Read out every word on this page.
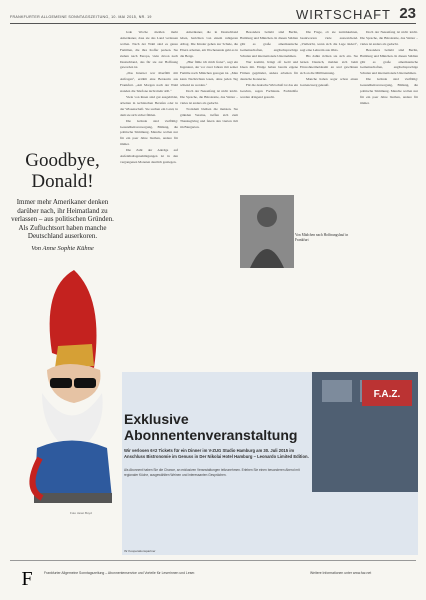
FRANKFURTER ALLGEMEINE SONNTAGSZEITUNG, 10. MAI 2015, NR. 19	WIRTSCHAFT 23
Goodbye, Donald!
Immer mehr Amerikaner denken darüber nach, ihr Heimatland zu verlassen – aus politischen Gründen. Als Zufluchtsort haben manche Deutschland auserkoren.
Von Anne Sophie Kühne
Foto Janet Boyd

Jede Woche melden mehr Amerikaner, dass sie das Land verlassen wollen. Nach der Wahl sind es ganze Familien, die ihre Koffer packen. Sie ziehen nach Europa, viele davon nach Deutschland, das für sie zur Hoffnung geworden ist.

„Das Internet war überfüllt mit Anfragen“, erzählt eine Beraterin aus Frankfurt. „Am Morgen nach der Wahl standen die Telefone nicht mehr still.“

Viele von ihnen sind gut ausgebildet, arbeiten in technischen Berufen oder in der Wissenschaft. Sie suchen ein Land, in dem sie sich sicher fühlen.

Die Gründe sind vielfältig: Gesundheitsversorgung, Bildung, die politische Stimmung. Manche wollen nur für ein paar Jahre bleiben, andere für immer.

Die Zahl der Anträge auf Aufenthaltsgenehmigungen ist in den vergangenen Monaten deutlich gestiegen.

Amerikaner, die in Deutschland leben, berichten von einem ruhigeren Alltag. Die Kinder gehen zur Schule, die Eltern arbeiten, am Wochenende geht es in die Berge.

„Hier fühle ich mich freier“, sagt ein Ingenieur, der vor zwei Jahren mit seiner Familie nach München gezogen ist. „Man kann Nachrichten lesen, ohne jeden Tag wütend zu werden.“

Doch der Neuanfang ist nicht leicht. Die Sprache, die Bürokratie, das Wetter – vieles ist anders als gedacht.

Trotzdem bleiben die meisten. Sie gründen Vereine, treffen sich zum Thanksgiving und feiern den vierten Juli im Biergarten.

Besonders beliebt sind Berlin, Hamburg und München. In diesen Städten gibt es große amerikanische Gemeinschaften, englischsprachige Schulen und internationale Unternehmen.

Wer kommt, bringt oft Geld und Ideen mit. Einige haben bereits eigene Firmen gegründet, andere arbeiten für deutsche Konzerne.

Für die deutsche Wirtschaft ist das ein Gewinn, sagen Fachleute. Fachkräfte werden dringend gesucht.

Die Frage, ob sie zurückkehren, beantworten viele ausweichend. „Vielleicht, wenn sich die Lage ändert“, sagt eine Lehrerin aus Ohio.

Bis dahin richten sie sich ein. Sie lernen Deutsch, melden sich beim Einwohnermeldeamt an und gewöhnen sich an die Mülltrennung.

Manche haben sogar schon einen Gartenzwerg gekauft.

Doch der Neuanfang ist nicht leicht. Die Sprache, die Bürokratie, das Wetter – vieles ist anders als gedacht.

Besonders beliebt sind Berlin, Hamburg und München. In diesen Städten gibt es große amerikanische Gemeinschaften, englischsprachige Schulen und internationale Unternehmen.

Die Gründe sind vielfältig: Gesundheitsversorgung, Bildung, die politische Stimmung. Manche wollen nur für ein paar Jahre bleiben, andere für immer.

Von Mädchen nach Hoffnungslauf in Frankfurt
F.A.Z.
Exklusive Abonnentenveranstaltung
Wir verlosen 6×2 Tickets für ein Dinner im V-ZUG Studio Hamburg am 30. Juli 2015 im Anschluss Bistronomie im Genuss in Der Nikolai Hotel Hamburg – Leonardo Limited Edition.
Als Abonnent haben Sie die Chance, an exklusiven Veranstaltungen teilzunehmen. Erleben Sie einen besonderen Abend mit regionaler Küche, ausgewählten Weinen und interessanten Gesprächen.
Ihr Kooperationspartner
F	Frankfurter Allgemeine Sonntagszeitung – Abonnentenservice und Vorteile für Leserinnen und Leser.	Weitere Informationen unter www.faz.net
